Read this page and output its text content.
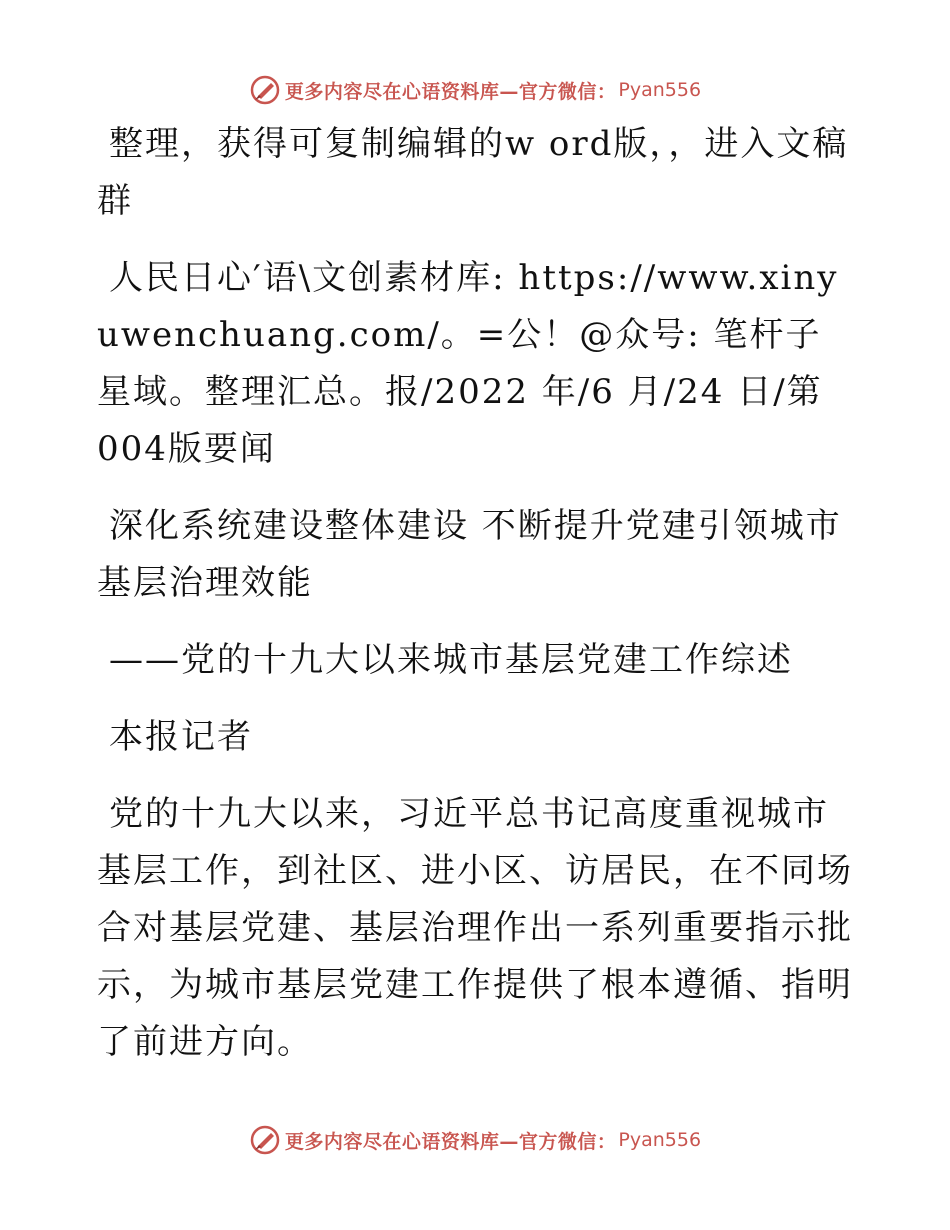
更多内容尽在心语资料库—官方微信： Pyan556

整理，获得可复制编辑的w ord版，，进入文稿群

人民日心′语\文创素材库: https://www.xinyuwenchuang.com/。=公！@众号: 笔杆子星域。整理汇总。报/2022 年/6 月/24 日/第 004版要闻

深化系统建设整体建设 不断提升党建引领城市基层治理效能

——党的十九大以来城市基层党建工作综述

本报记者

党的十九大以来，习近平总书记高度重视城市基层工作，到社区、进小区、访居民，在不同场合对基层党建、基层治理作出一系列重要指示批示，为城市基层党建工作提供了根本遵循、指明了前进方向。

更多内容尽在心语资料库—官方微信： Pyan556
